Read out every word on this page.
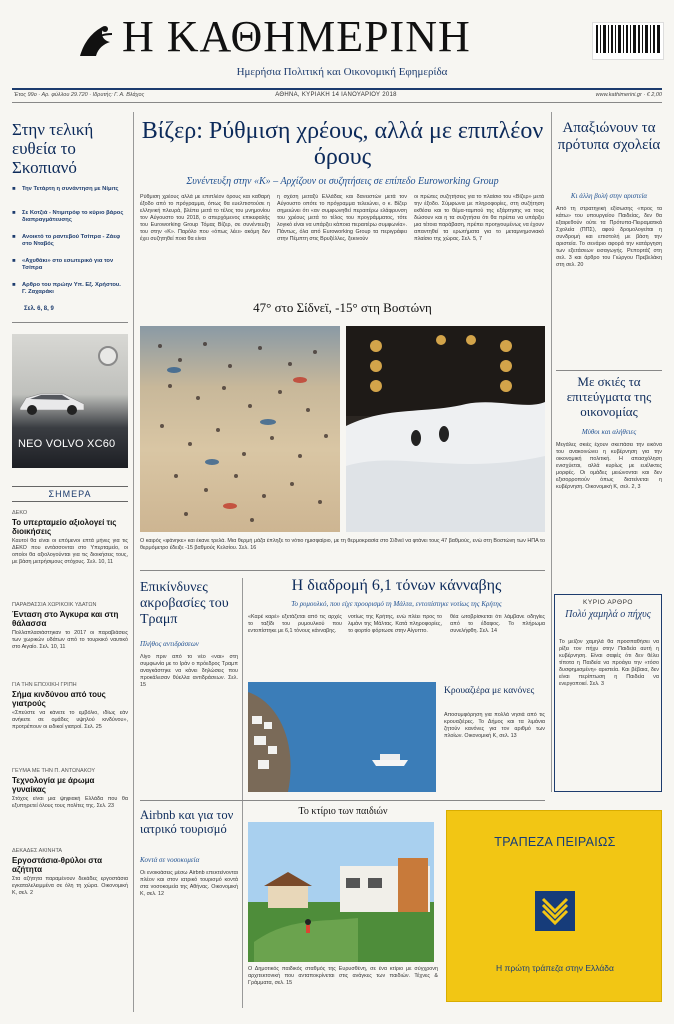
Η ΚΑΘΗΜΕΡΙΝΗ
Ημερήσια Πολιτική και Οικονομική Εφημερίδα
Έτος 99ο · Αρ. φύλλου 29.720 · Ιδρυτής: Γ. Α. Βλάχος	ΑΘΗΝΑ, ΚΥΡΙΑΚΗ 14 ΙΑΝΟΥΑΡΙΟΥ 2018	www.kathimerini.gr · € 2,00
Στην τελική ευθεία το Σκοπιανό
■ Την Τετάρτη η συνάντηση με Νίμιτς
■ Σε Κοτζιά - Ντιμιτρόφ το κύριο βάρος διαπραγμάτευσης
■ Ανοικτό το ραντεβού Τσίπρα - Ζάεφ στο Νταβός
■ «Αχυθάκι» στο εσωτερικό για τον Τσίπρα
■ Αρθρο του πρώην Υπ. Εξ. Χρήστου. Γ. Ζαχαράκι
Σελ. 6, 8, 9
NEO VOLVO XC60
ΣΗΜΕΡΑ
ΔΕΚΟ
Το υπερταμείο αξιολογεί τις διοικήσεις
Καυτοί θα είναι οι επόμενοι επτά μήνες για τις ΔΕΚΟ που εντάσσονται στο Υπερταμείο, οι οποίοι θα αξιολογούνται για τις διοικήσεις τους, με βάση μετρήσιμους στόχους. Σελ. 10, 11
ΠΑΡΑΘΑΣΣΙΑ ΧΩΡΙΚΟΙΚ ΥΔΑΤΩΝ
Ένταση στο Άγκυρα και στη θάλασσα
Πολλαπλασιάστηκαν το 2017 οι παραβιάσεις των χωρικών υδάτων από το τουρκικό ναυτικό στο Αιγαίο. Σελ. 10, 11
ΓΙΑ ΤΗΝ ΕΠΟΧΙΚΗ ΓΡΙΠΗ
Σήμα κινδύνου από τους γιατρούς
«Σπεύστε να κάνετε το εμβόλιο, ιδίως εάν ανήκετε σε ομάδες υψηλού κινδύνου», προτρέπουν οι ειδικοί γιατροί. Σελ. 25
ΓΕΥΜΑ ΜΕ ΤΗΝ Π. ΑΝΤΩΝΑΚΟΥ
Τεχνολογία με άρωμα γυναίκας
Στόχος είναι μια ψηφιακή Ελλάδα που θα εξυπηρετεί όλους τους πολίτες της. Σελ. 23
ΔΕΚΑΔΕΣ ΑΚΙΝΗΤΑ
Εργοστάσια-θρύλοι στα αζήτητα
Στα αζήτητα παραμένουν δεκάδες εργοστάσια εγκαταλελειμμένα σε όλη τη χώρα. Οικονομική Κ, σελ. 2
Βίζερ: Ρύθμιση χρέους, αλλά με επιπλέον όρους
Συνέντευξη στην «Κ» – Αρχίζουν οι συζητήσεις σε επίπεδο Euroworking Group
Ρύθμιση χρέους αλλά με επιπλέον όρους και καθαρή έξοδο από το πρόγραμμα, όπως θα ευελπιστούσε η ελληνική πλευρά, βλέπει μετά το τέλος του μνημονίου τον Αύγουστο του 2018, ο απερχόμενος επικεφαλής του Euroworking Group Τόμας Βίζερ, σε συνέντευξη του στην «Κ». Παρόλο που «όπως λέει» ακόμη δεν έχει συζητηθεί ποια θα είναι
η σχέση μεταξύ Ελλάδας και δανειστών μετά τον Αύγουστο οπότε το πρόγραμμα τελειώνει, ο κ. Βίζερ σημειώνει ότι «αν συμφωνηθεί περαιτέρω ελάφρυνση του χρέους μετά το τέλος του προγράμματος, τότε λογικό είναι να υπάρξει κάποια περαιτέρω συμφωνία». Πάντως, όλα από Euroworking Group τα περιγράφει στην Πέμπτη στις Βρυξέλλες, ξεκινούν
οι πρώτες συζητήσεις για το πλαίσιο του «Βίζερ» μετά την έξοδο. Σύμφωνα με πληροφορίες, στη συζήτηση εκθέσει και το θέμα-ταμπού της εξάρτησης να τους δώσουν και η τα συζητήσει ότι θα πρέπει να υπάρξει μια τέτοια παράβαση, πρέπει προηγουμένως να έχουν απαντηθεί τα ερωτήματα για το μεταμνημονιακό πλαίσιο της χώρας. Σελ. 5, 7
47° στο Σίδνεϊ, -15° στη Βοστώνη
Ο καιρός «φάνηκε» και έκανε τρελά. Μια θερμή μάζα έπληξε το νότιο ημισφαίριο, με τη θερμοκρασία στο Σίδνεϊ να φτάνει τους 47 βαθμούς, ενώ στη Βοστώνη των ΗΠΑ το θερμόμετρο έδειξε -15 βαθμούς Κελσίου. Σελ. 16
Επικίνδυνες ακροβασίες του Τραμπ
Πλήθος αντιδράσεων
Λίγο πριν από το νέο «ναι» στη συμφωνία με το Ιράν ο πρόεδρος Τραμπ αναγκάστηκε να κάνει δηλώσεις που προκάλεσαν θύελλα αντιδράσεων. Σελ. 15
Η διαδρομή 6,1 τόνων κάνναβης
Το ρυμουλκό, που είχε προορισμό τη Μάλτα, εντοπίστηκε νοτίως της Κρήτης
«Καρέ καρέ» εξετάζεται από τις αρχές το ταξίδι του ρυμουλκού που εντοπίστηκε με 6,1 τόνους κάνναβης.
νοτίως της Κρήτης, ενώ πλέει προς το λιμάνι της Μάλτας. Κατά πληροφορίες, το φορτίο φόρτωσε στην Αίγυπτο.
θέα ωτοβρίσκεται ότι λάμβανε οδηγίες από το έδαφος. Το πλήρωμα συνελήφθη. Σελ. 14
Κρουαζιέρα με κανόνες
Αποσυμφόρηση για πολλά νησιά από τις κρουαζιέρες. Το Δήμος και τα λιμάνια ζητούν κανόνες για τον αριθμό των πλοίων. Οικονομική Κ, σελ. 13
Airbnb και για τον ιατρικό τουρισμό
Κοντά σε νοσοκομεία
Οι ενοικιάσεις μέσω Airbnb επεκτείνονται πλέον και στον ιατρικό τουρισμό κοντά στα νοσοκομεία της Αθήνας. Οικονομική Κ, σελ. 12
Το κτίριο των παιδιών
Ο Δημοτικός παιδικός σταθμός της Ευρυσθένη, σε ένα κτίριο με σύγχρονη αρχιτεκτονική που ανταποκρίνεται στις ανάγκες των παιδιών. Τέχνες & Γράμματα, σελ. 15
Απαξιώνουν τα πρότυπα σχολεία
Κι άλλη βολή στην αριστεία
Από τη στρατηγική εξίσωσης «προς τα κάτω» του υπουργείου Παιδείας, δεν θα εξαιρεθούν ούτε τα Πρότυπα-Πειραματικά Σχολεία (ΠΠΣ), αφού δρομολογείται η συνδρομή και επιστολή με βάση την αριστεία. Το σενάριο αφορά την κατάργηση των εξετάσεων εισαγωγής. Ρεπορτάζ στη σελ. 3 και άρθρο του Γιώργου Πρεβελάκη στη σελ. 20
Με σκιές τα επιτεύγματα της οικονομίας
Μύθοι και αλήθειες
Μεγάλες σκιές έχουν σκεπάσει την εικόνα του ανακοινώνει η κυβέρνηση για την οικονομική πολιτική. Η απασχόληση ενισχύεται, αλλά κυρίως με ευέλικτες μορφές. Οι ομάδες μειώνονται και δεν εξισορροπούν όπως διατείνεται η κυβέρνηση. Οικονομική Κ, σελ. 2, 3
ΚΥΡΙΟ ΑΡΘΡΟ
Πολύ χαμηλά ο πήχυς
Το μείζον χαμηλά θα προσπαθήσει να ρίξει τον πήχυ στην Παιδεία αυτή η κυβέρνηση. Είναι σαφές ότι δεν θέλει τίποτα η Παιδεία να προάγει την «τόσο δυσφημισμένη» αριστεία. Και βέβαια, δεν είναι περίπτωση η Παιδεία να ενεργοποιεί. Σελ. 3
ΤΡΑΠΕΖΑ ΠΕΙΡΑΙΩΣ
Η πρώτη τράπεζα στην Ελλάδα
